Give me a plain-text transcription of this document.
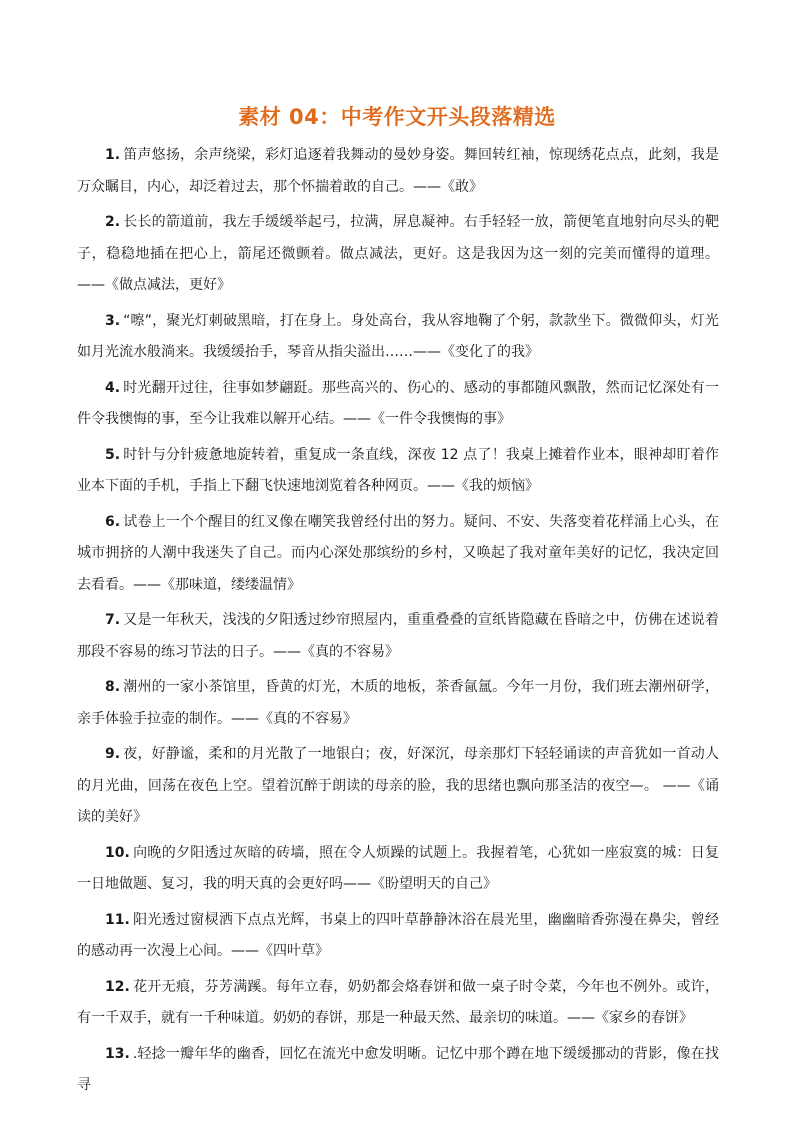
素材 04：中考作文开头段落精选

1. 笛声悠扬，余声绕梁，彩灯追逐着我舞动的曼妙身姿。舞回转红袖，惊现绣花点点，此刻，我是万众瞩目，内心，却泛着过去，那个怀揣着敢的自己。——《敢》

2. 长长的箭道前，我左手缓缓举起弓，拉满，屏息凝神。右手轻轻一放，箭便笔直地射向尽头的靶子，稳稳地插在把心上，箭尾还微颤着。做点减法，更好。这是我因为这一刻的完美而懂得的道理。 ——《做点减法，更好》

3. “嚓”，聚光灯刺破黑暗，打在身上。身处高台，我从容地鞠了个躬，款款坐下。微微仰头，灯光如月光流水般淌来。我缓缓抬手，琴音从指尖溢出……——《变化了的我》

4. 时光翻开过往，往事如梦翩跹。那些高兴的、伤心的、感动的事都随风飘散，然而记忆深处有一件令我懊悔的事，至今让我难以解开心结。——《一件令我懊悔的事》

5. 时针与分针疲惫地旋转着，重复成一条直线，深夜 12 点了！我桌上摊着作业本，眼神却盯着作业本下面的手机，手指上下翻飞快速地浏览着各种网页。——《我的烦恼》

6. 试卷上一个个醒目的红叉像在嘲笑我曾经付出的努力。疑问、不安、失落变着花样涌上心头，在城市拥挤的人潮中我迷失了自己。而内心深处那缤纷的乡村，又唤起了我对童年美好的记忆，我决定回去看看。——《那味道，缕缕温情》

7. 又是一年秋天，浅浅的夕阳透过纱帘照屋内，重重叠叠的宣纸皆隐藏在昏暗之中，仿佛在述说着那段不容易的练习节法的日子。——《真的不容易》

8. 潮州的一家小茶馆里，昏黄的灯光，木质的地板，茶香氤氲。今年一月份，我们班去潮州研学，亲手体验手拉壶的制作。——《真的不容易》

9. 夜，好静谧，柔和的月光散了一地银白；夜，好深沉，母亲那灯下轻轻诵读的声音犹如一首动人的月光曲，回荡在夜色上空。望着沉醉于朗读的母亲的脸，我的思绪也飘向那圣洁的夜空—。 ——《诵读的美好》

10. 向晚的夕阳透过灰暗的砖墙，照在令人烦躁的试题上。我握着笔，心犹如一座寂寞的城：日复一日地做题、复习，我的明天真的会更好吗——《盼望明天的自己》

11. 阳光透过窗棂洒下点点光辉，书桌上的四叶草静静沐浴在晨光里，幽幽暗香弥漫在鼻尖，曾经的感动再一次漫上心间。——《四叶草》

12. 花开无痕，芬芳满蹊。每年立春，奶奶都会烙春饼和做一桌子时令菜，今年也不例外。或许，有一千双手，就有一千种味道。奶奶的春饼，那是一种最天然、最亲切的味道。——《家乡的春饼》

13. .轻捻一瓣年华的幽香，回忆在流光中愈发明晰。记忆中那个蹲在地下缓缓挪动的背影，像在找寻
